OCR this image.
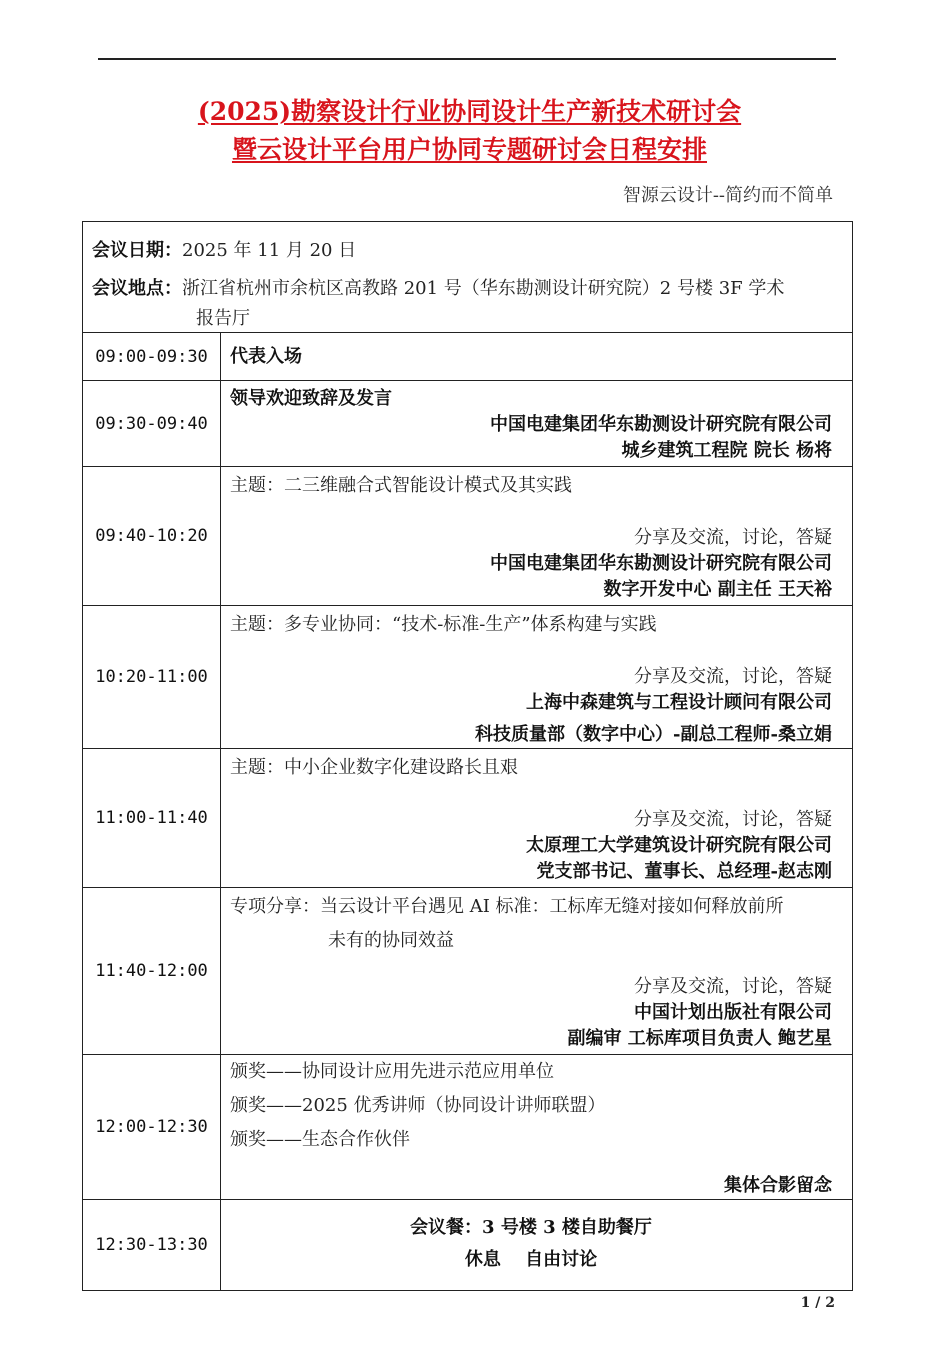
(2025)勘察设计行业协同设计生产新技术研讨会
暨云设计平台用户协同专题研讨会日程安排
智源云设计--简约而不简单
会议日期：2025 年 11 月 20 日
会议地点：浙江省杭州市余杭区高教路 201 号（华东勘测设计研究院）2 号楼 3F 学术
报告厅	

09:00-09:30	代表入场

09:30-09:40	领导欢迎致辞及发言
中国电建集团华东勘测设计研究院有限公司
城乡建筑工程院 院长 杨将

09:40-10:20	主题：二三维融合式智能设计模式及其实践
分享及交流，讨论，答疑
中国电建集团华东勘测设计研究院有限公司
数字开发中心 副主任 王天裕

10:20-11:00	主题：多专业协同：“技术-标准-生产”体系构建与实践
分享及交流，讨论，答疑
上海中森建筑与工程设计顾问有限公司
科技质量部（数字中心）-副总工程师-桑立娟

11:00-11:40	主题：中小企业数字化建设路长且艰
分享及交流，讨论，答疑
太原理工大学建筑设计研究院有限公司
党支部书记、董事长、总经理-赵志刚

11:40-12:00	专项分享：当云设计平台遇见 AI 标准：工标库无缝对接如何释放前所
未有的协同效益
分享及交流，讨论，答疑
中国计划出版社有限公司
副编审 工标库项目负责人 鲍艺星

12:00-12:30	颁奖——协同设计应用先进示范应用单位
颁奖——2025 优秀讲师（协同设计讲师联盟）
颁奖——生态合作伙伴
集体合影留念

12:30-13:30	会议餐：3 号楼 3 楼自助餐厅
休息　 自由讨论
1 / 2
